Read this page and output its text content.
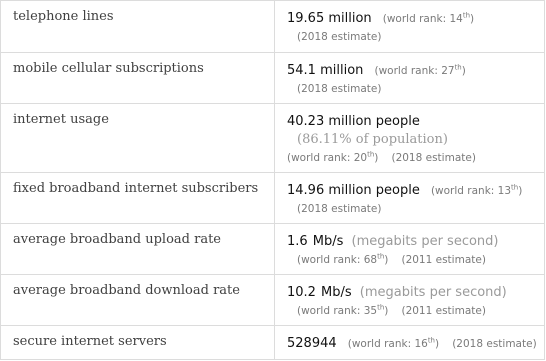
telephone lines	19.65 million (world rank: 14th)
(2018 estimate)

mobile cellular subscriptions	54.1 million (world rank: 27th)
(2018 estimate)

internet usage	40.23 million people
(86.11% of population)
(world rank: 20th) (2018 estimate)

fixed broadband internet subscribers	14.96 million people (world rank: 13th)
(2018 estimate)

average broadband upload rate	1.6 Mb/s (megabits per second)
(world rank: 68th) (2011 estimate)

average broadband download rate	10.2 Mb/s (megabits per second)
(world rank: 35th) (2011 estimate)

secure internet servers	528944 (world rank: 16th) (2018 estimate)
